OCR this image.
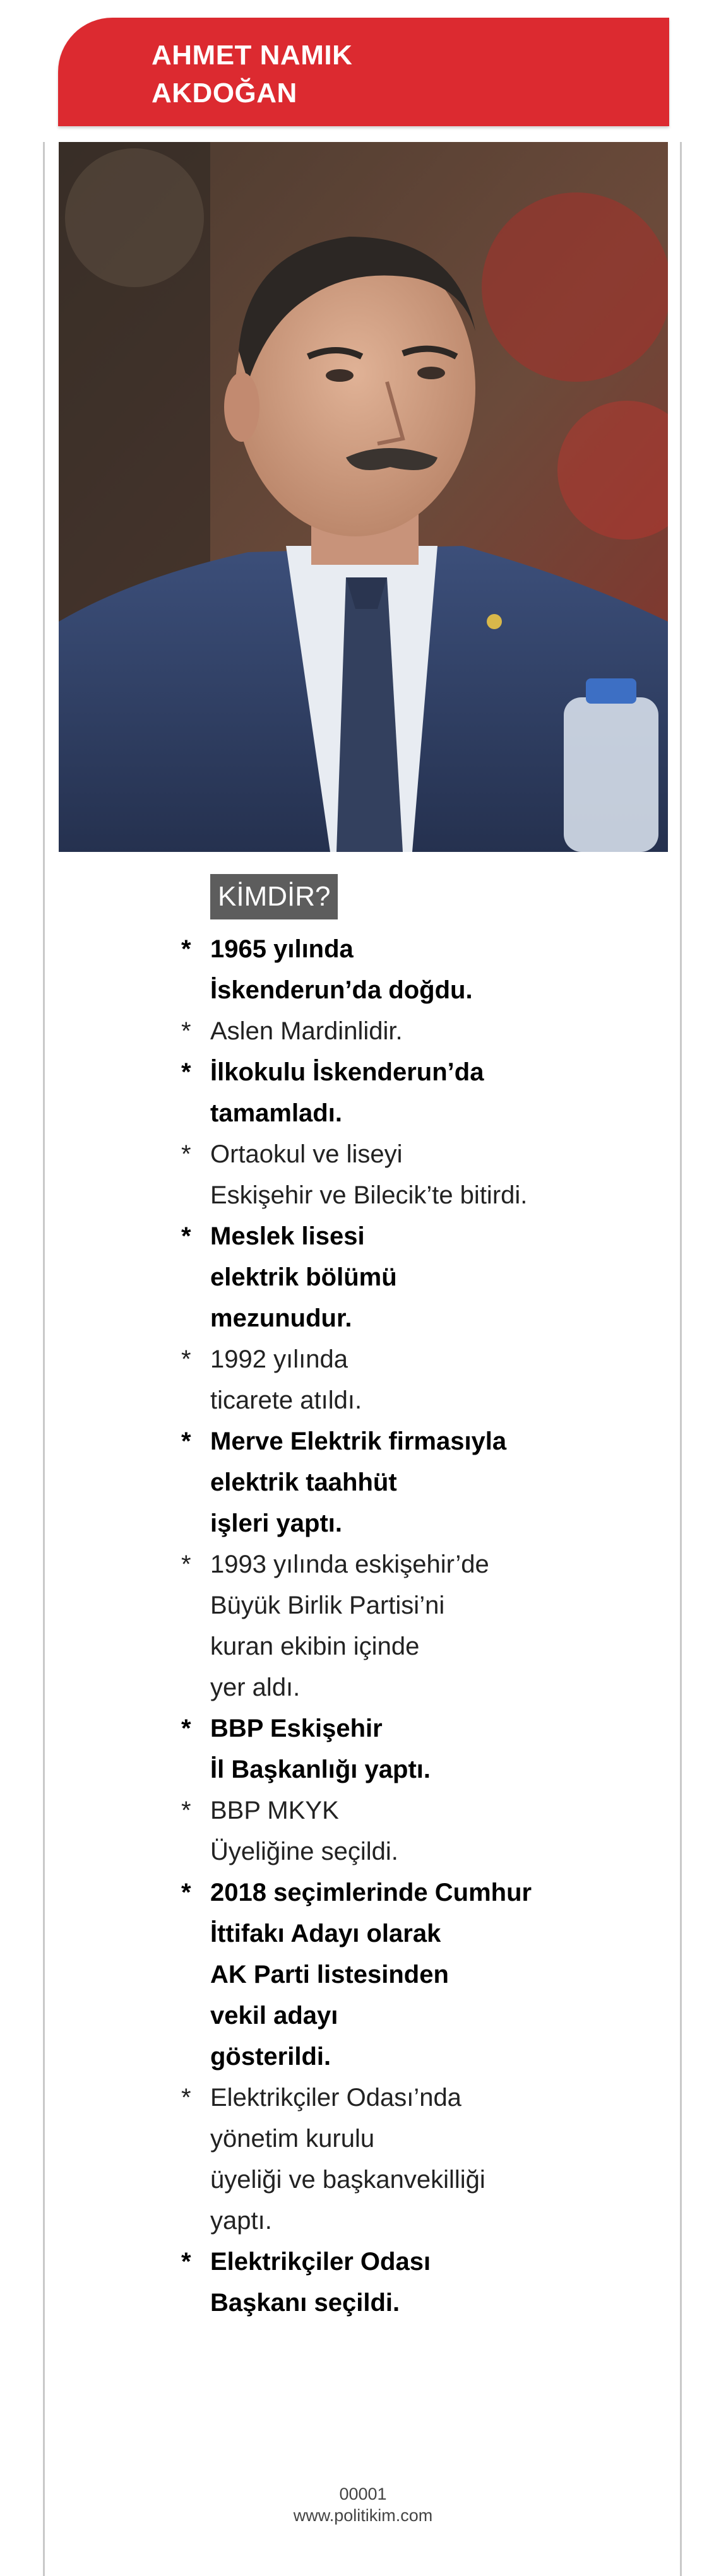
AHMET NAMIK
AKDOĞAN
KİMDİR?
* 1965 yılında
İskenderun’da doğdu.
* Aslen Mardinlidir.
* İlkokulu İskenderun’da
tamamladı.
* Ortaokul ve liseyi
Eskişehir ve Bilecik’te bitirdi.
* Meslek lisesi
elektrik bölümü
mezunudur.
* 1992 yılında
ticarete atıldı.
* Merve Elektrik firmasıyla
elektrik taahhüt
işleri yaptı.
* 1993 yılında eskişehir’de
Büyük Birlik Partisi’ni
kuran ekibin içinde
yer aldı.
* BBP Eskişehir
İl Başkanlığı yaptı.
* BBP MKYK
Üyeliğine seçildi.
* 2018 seçimlerinde Cumhur
İttifakı Adayı olarak
AK Parti listesinden
vekil adayı
gösterildi.
* Elektrikçiler Odası’nda
yönetim kurulu
üyeliği ve başkanvekilliği
yaptı.
* Elektrikçiler Odası
Başkanı seçildi.
00001
www.politikim.com
